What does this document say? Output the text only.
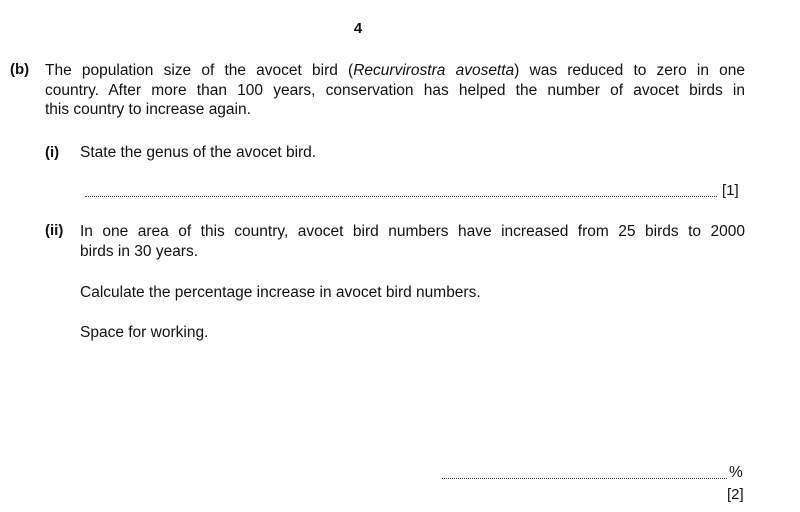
4
(b) The population size of the avocet bird (Recurvirostra avosetta) was reduced to zero in one
country. After more than 100 years, conservation has helped the number of avocet birds in
this country to increase again.
(i) State the genus of the avocet bird.
[1]
(ii) In one area of this country, avocet bird numbers have increased from 25 birds to 2000
birds in 30 years.
Calculate the percentage increase in avocet bird numbers.
Space for working.
%
[2]
